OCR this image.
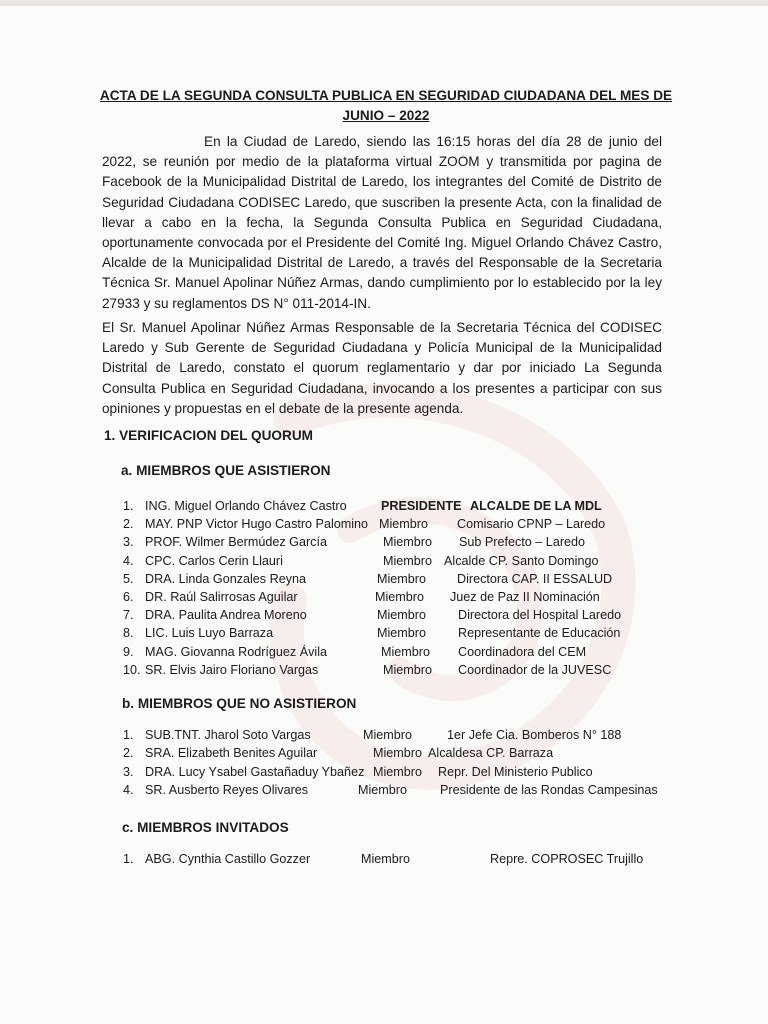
ACTA DE LA SEGUNDA CONSULTA PUBLICA EN SEGURIDAD CIUDADANA DEL MES DE JUNIO – 2022
En la Ciudad de Laredo, siendo las 16:15 horas del día 28 de junio del 2022, se reunión por medio de la plataforma virtual ZOOM y transmitida por pagina de Facebook de la Municipalidad Distrital de Laredo, los integrantes del Comité de Distrito de Seguridad Ciudadana CODISEC Laredo, que suscriben la presente Acta, con la finalidad de llevar a cabo en la fecha, la Segunda Consulta Publica en Seguridad Ciudadana, oportunamente convocada por el Presidente del Comité Ing. Miguel Orlando Chávez Castro, Alcalde de la Municipalidad Distrital de Laredo, a través del Responsable de la Secretaria Técnica Sr. Manuel Apolinar Núñez Armas, dando cumplimiento por lo establecido por la ley 27933 y su reglamentos DS N° 011-2014-IN.
El Sr. Manuel Apolinar Núñez Armas Responsable de la Secretaria Técnica del CODISEC Laredo y Sub Gerente de Seguridad Ciudadana y Policía Municipal de la Municipalidad Distrital de Laredo, constato el quorum reglamentario y dar por iniciado La Segunda Consulta Publica en Seguridad Ciudadana, invocando a los presentes a participar con sus opiniones y propuestas en el debate de la presente agenda.
1. VERIFICACION DEL QUORUM
a. MIEMBROS QUE ASISTIERON
1. ING. Miguel Orlando Chávez Castro	PRESIDENTE ALCALDE DE LA MDL
2. MAY. PNP Victor Hugo Castro Palomino Miembro Comisario CPNP – Laredo
3. PROF. Wilmer Bermúdez García	Miembro Sub Prefecto – Laredo
4. CPC. Carlos Cerin Llauri	Miembro Alcalde CP. Santo Domingo
5. DRA. Linda Gonzales Reyna	Miembro Directora CAP. II ESSALUD
6. DR. Raúl Salirrosas Aguilar	Miembro Juez de Paz II Nominación
7. DRA. Paulita Andrea Moreno	Miembro	Directora del Hospital Laredo
8. LIC. Luis Luyo Barraza	Miembro	Representante de Educación
9. MAG. Giovanna Rodríguez Ávila	Miembro Coordinadora del CEM
10. SR. Elvis Jairo Floriano Vargas	Miembro Coordinador de la JUVESC
b. MIEMBROS QUE NO ASISTIERON
1. SUB.TNT. Jharol Soto Vargas	Miembro	1er Jefe Cia. Bomberos N° 188
2. SRA. Elizabeth Benites Aguilar	Miembro Alcaldesa CP. Barraza
3. DRA. Lucy Ysabel Gastañaduy Ybañez Miembro Repr. Del Ministerio Publico
4. SR. Ausberto Reyes Olivares	Miembro	Presidente de las Rondas Campesinas
c. MIEMBROS INVITADOS
1. ABG. Cynthia Castillo Gozzer	Miembro	Repre. COPROSEC Trujillo
